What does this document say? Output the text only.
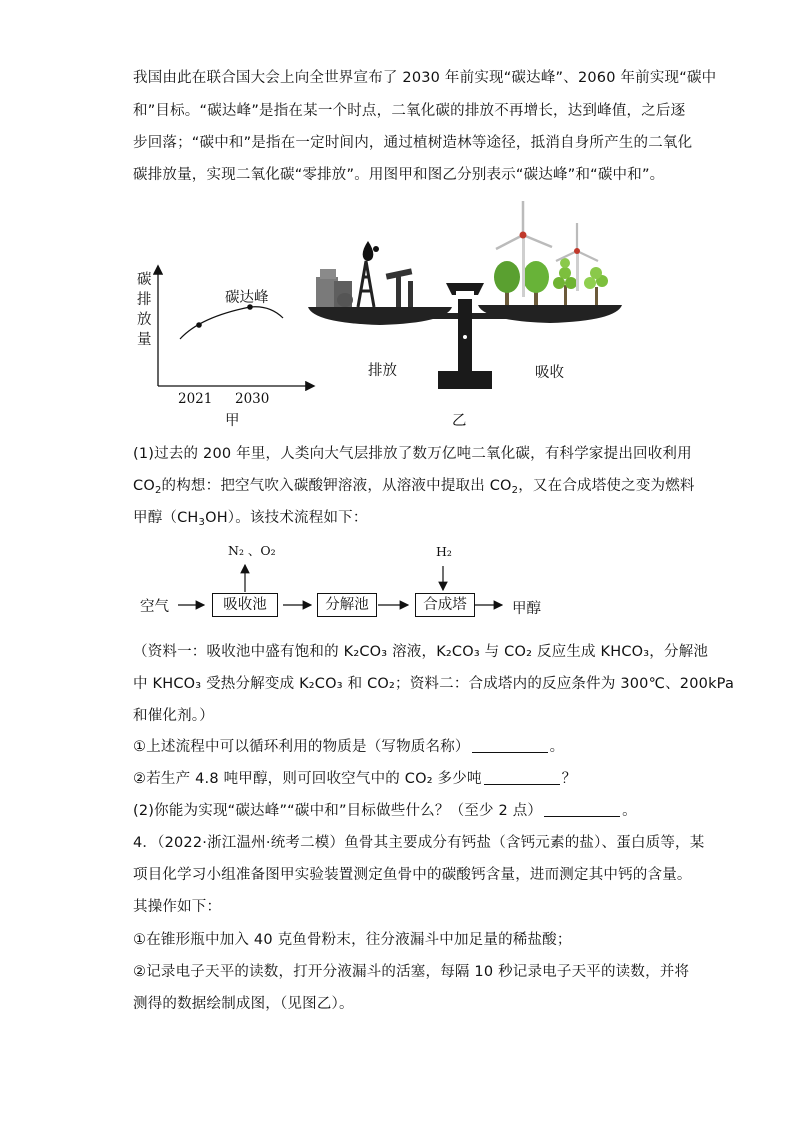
我国由此在联合国大会上向全世界宣布了 2030 年前实现“碳达峰”、2060 年前实现“碳中
和”目标。“碳达峰”是指在某一个时点，二氧化碳的排放不再增长，达到峰值，之后逐
步回落；“碳中和”是指在一定时间内，通过植树造林等途径，抵消自身所产生的二氧化
碳排放量，实现二氧化碳“零排放”。用图甲和图乙分别表示“碳达峰”和“碳中和”。
碳
排
放
量
碳达峰
2021 2030
甲
排放	吸收
乙
(1)过去的 200 年里，人类向大气层排放了数万亿吨二氧化碳，有科学家提出回收利用
$CO_2$的构想：把空气吹入碳酸钾溶液，从溶液中提取出 $CO_2$，又在合成塔使之变为燃料
甲醇$(CH_3OH)$。该技术流程如下：
N₂ 、O₂	H₂
空气	吸收池	分解池	合成塔	甲醇
（资料一：吸收池中盛有饱和的 K₂CO₃ 溶液，K₂CO₃ 与 CO₂ 反应生成 KHCO₃，分解池
中 KHCO₃ 受热分解变成 K₂CO₃ 和 CO₂；资料二：合成塔内的反应条件为 300℃、200kPa
和催化剂。）
①上述流程中可以循环利用的物质是（写物质名称）	。
②若生产 4.8 吨甲醇，则可回收空气中的 CO₂ 多少吨	？
(2)你能为实现“碳达峰”“碳中和”目标做些什么？（至少 2 点）	。
4．（2022·浙江温州·统考二模）鱼骨其主要成分有钙盐（含钙元素的盐）、蛋白质等，某
项目化学习小组准备图甲实验装置测定鱼骨中的碳酸钙含量，进而测定其中钙的含量。
其操作如下：
①在锥形瓶中加入 40 克鱼骨粉末，往分液漏斗中加足量的稀盐酸；
②记录电子天平的读数，打开分液漏斗的活塞，每隔 10 秒记录电子天平的读数，并将
测得的数据绘制成图，（见图乙）。
